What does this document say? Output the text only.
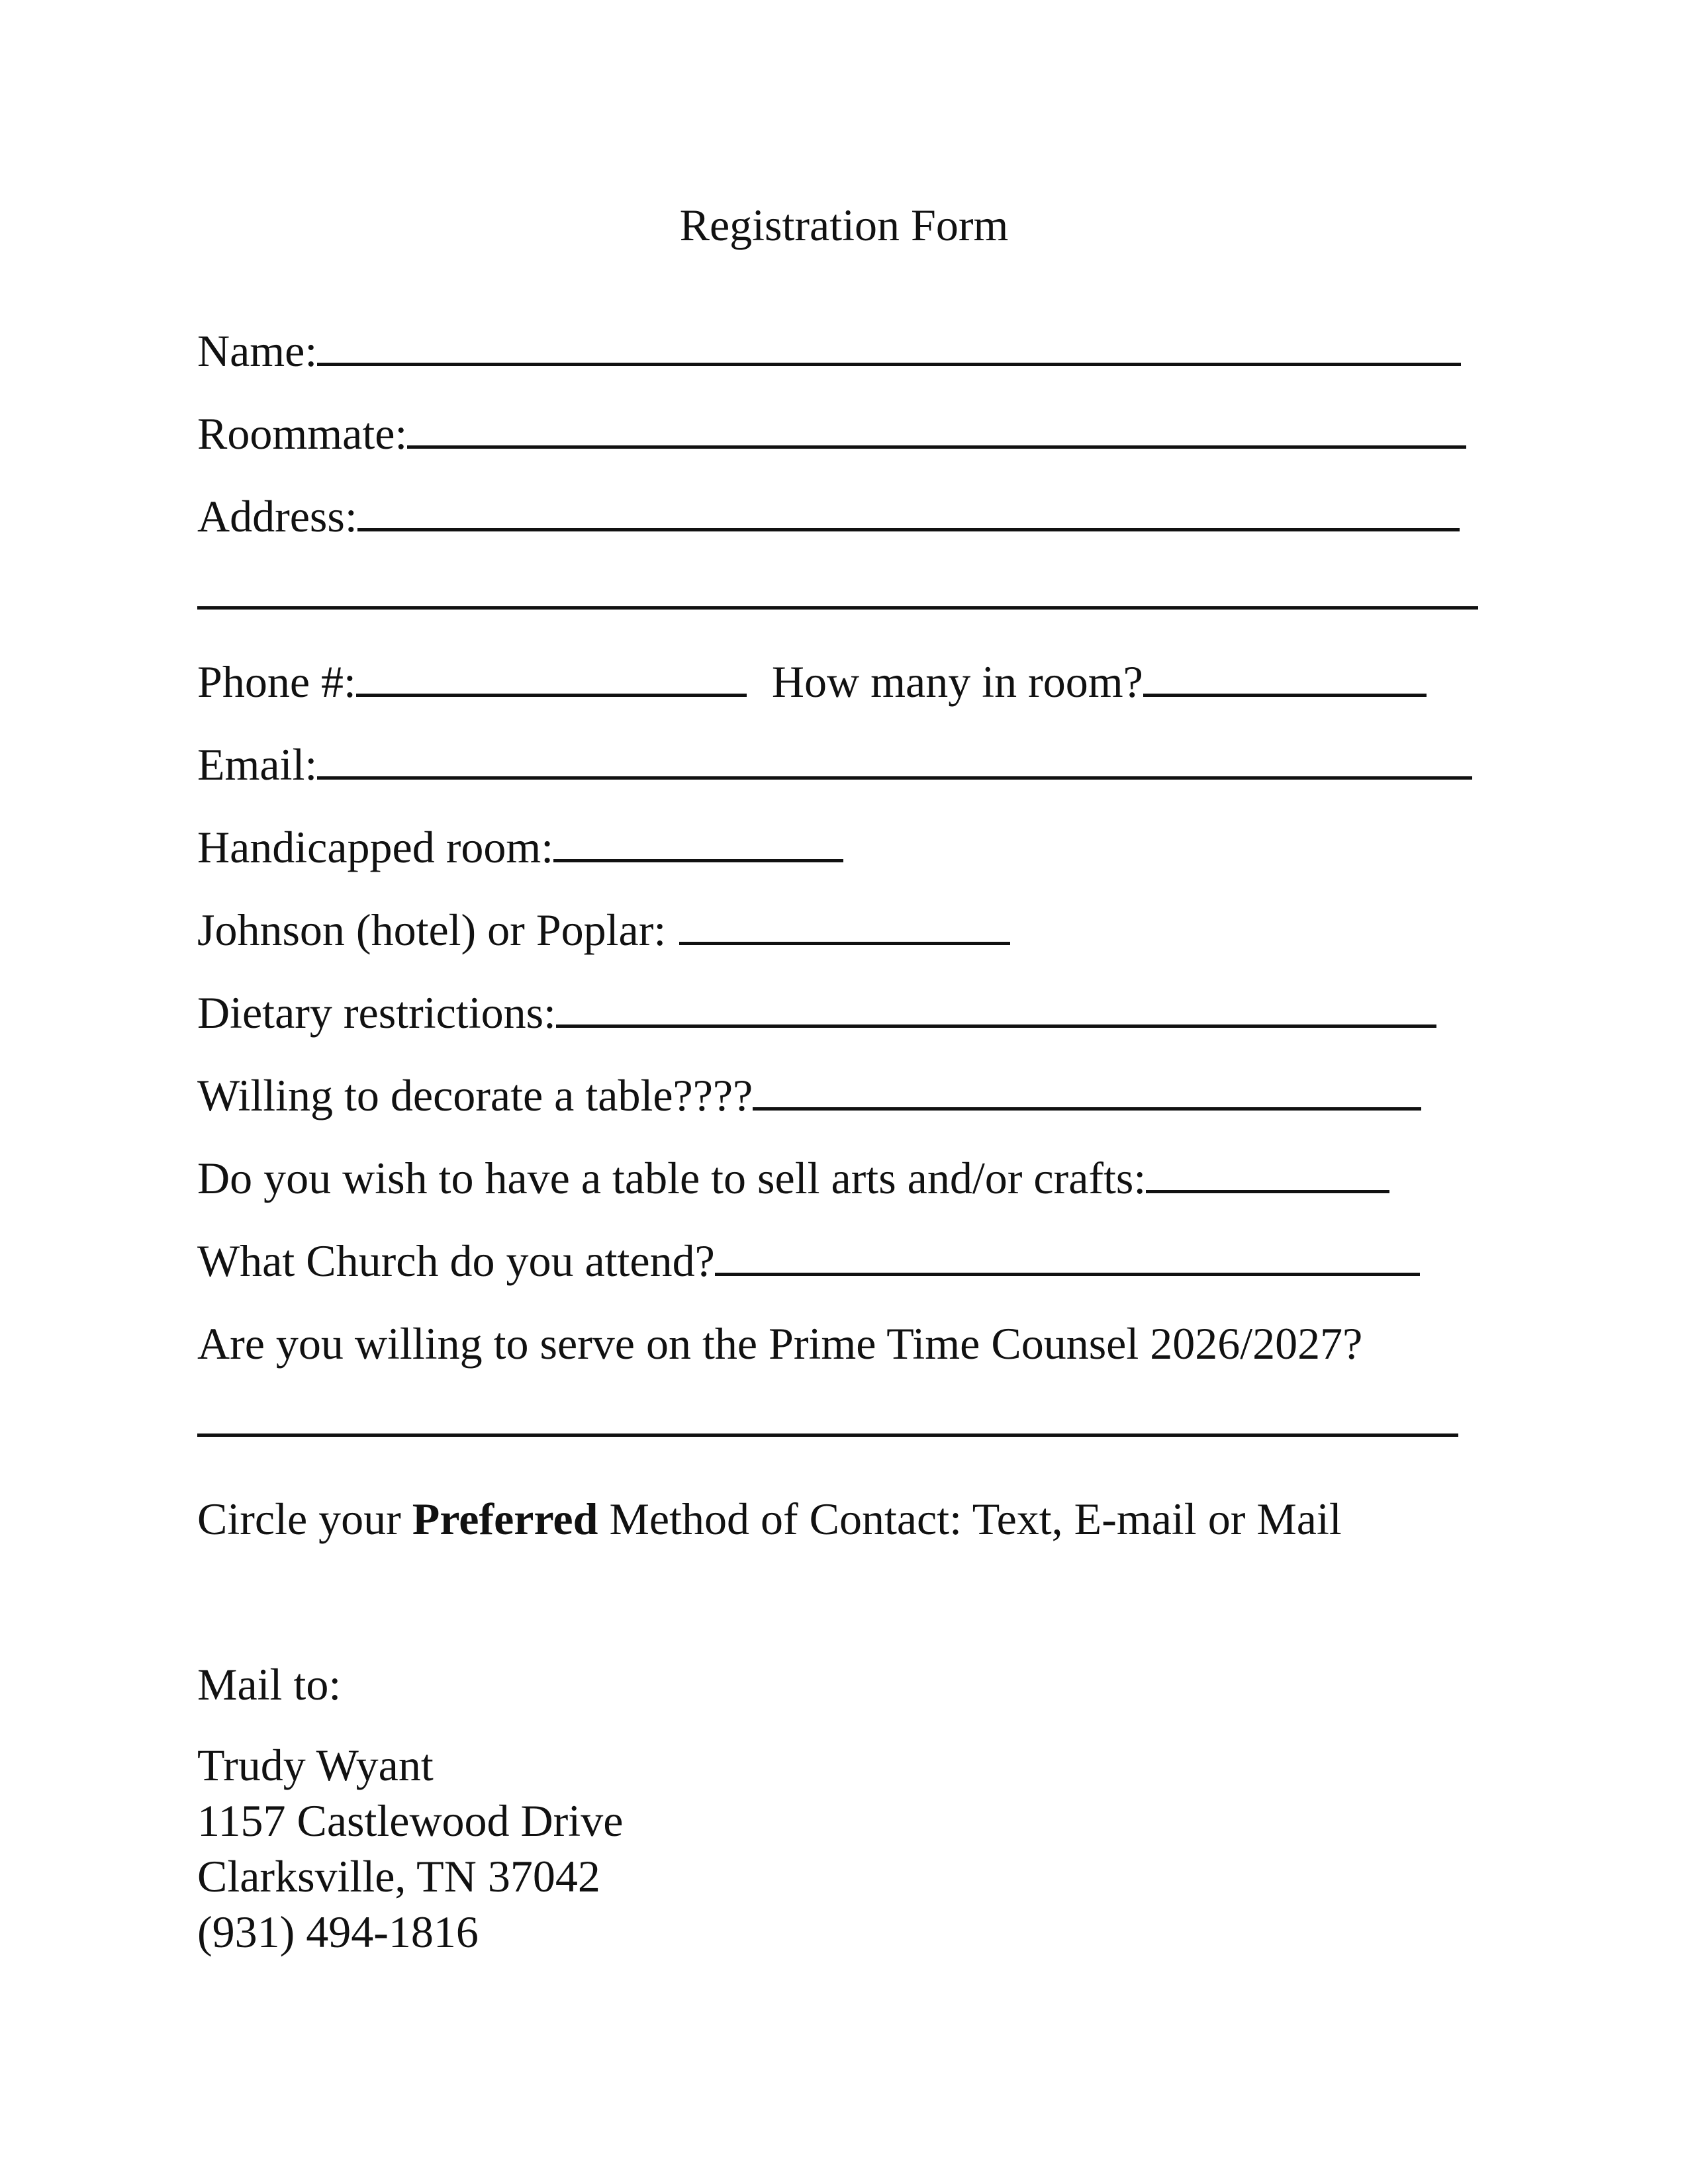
Registration Form
Name:
Roommate:
Address:
Phone #:	How many in room?
Email:
Handicapped room:
Johnson (hotel) or Poplar:
Dietary restrictions:
Willing to decorate a table????
Do you wish to have a table to sell arts and/or crafts:
What Church do you attend?
Are you willing to serve on the Prime Time Counsel 2026/2027?
Circle your Preferred Method of Contact: Text, E-mail or Mail
Mail to:
Trudy Wyant
1157 Castlewood Drive
Clarksville, TN 37042
(931) 494-1816
